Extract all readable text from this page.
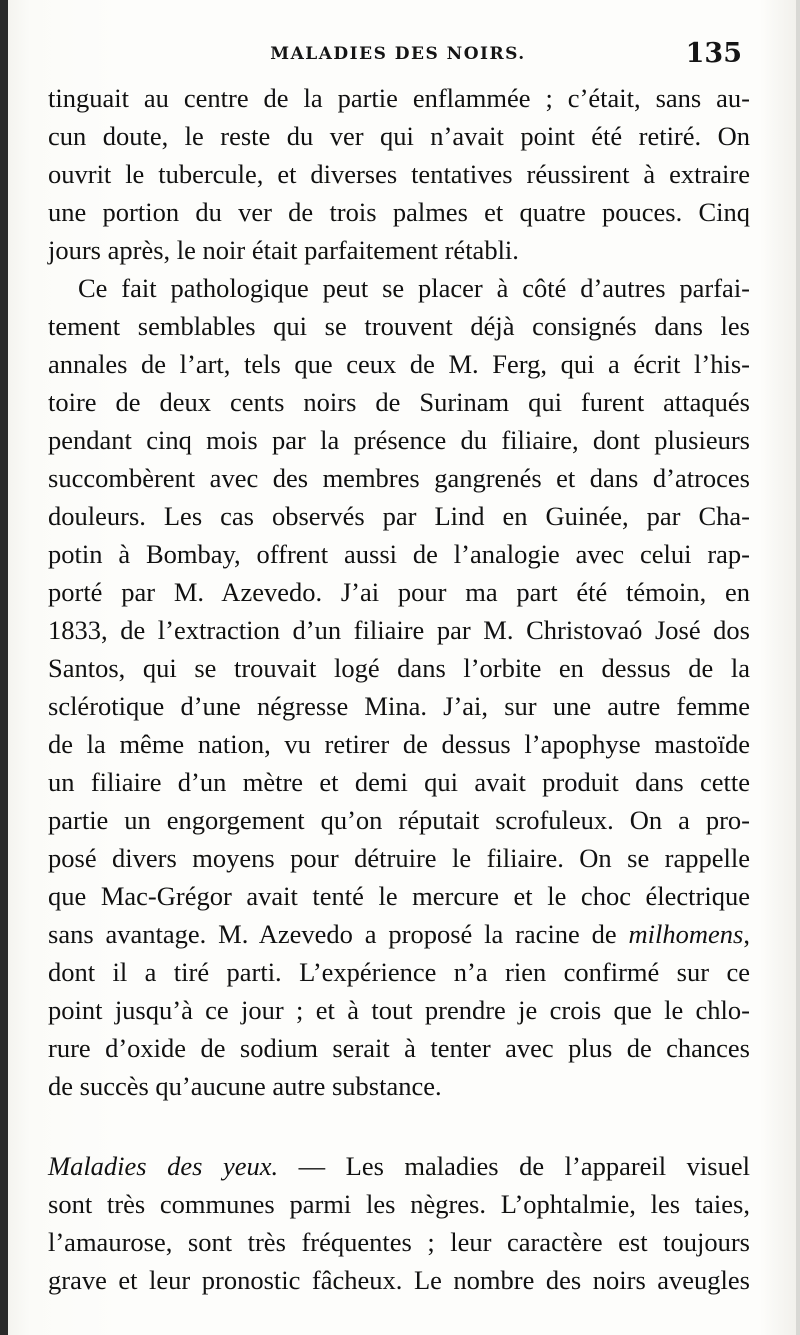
MALADIES DES NOIRS.	135
tinguait au centre de la partie enflammée ; c’était, sans au-
cun doute, le reste du ver qui n’avait point été retiré. On
ouvrit le tubercule, et diverses tentatives réussirent à extraire
une portion du ver de trois palmes et quatre pouces. Cinq
jours après, le noir était parfaitement rétabli.
Ce fait pathologique peut se placer à côté d’autres parfai-
tement semblables qui se trouvent déjà consignés dans les
annales de l’art, tels que ceux de M. Ferg, qui a écrit l’his-
toire de deux cents noirs de Surinam qui furent attaqués
pendant cinq mois par la présence du filiaire, dont plusieurs
succombèrent avec des membres gangrenés et dans d’atroces
douleurs. Les cas observés par Lind en Guinée, par Cha-
potin à Bombay, offrent aussi de l’analogie avec celui rap-
porté par M. Azevedo. J’ai pour ma part été témoin, en
1833, de l’extraction d’un filiaire par M. Christovaó José dos
Santos, qui se trouvait logé dans l’orbite en dessus de la
sclérotique d’une négresse Mina. J’ai, sur une autre femme
de la même nation, vu retirer de dessus l’apophyse mastoïde
un filiaire d’un mètre et demi qui avait produit dans cette
partie un engorgement qu’on réputait scrofuleux. On a pro-
posé divers moyens pour détruire le filiaire. On se rappelle
que Mac-Grégor avait tenté le mercure et le choc électrique
sans avantage. M. Azevedo a proposé la racine de milhomens,
dont il a tiré parti. L’expérience n’a rien confirmé sur ce
point jusqu’à ce jour ; et à tout prendre je crois que le chlo-
rure d’oxide de sodium serait à tenter avec plus de chances
de succès qu’aucune autre substance.
Maladies des yeux. — Les maladies de l’appareil visuel
sont très communes parmi les nègres. L’ophtalmie, les taies,
l’amaurose, sont très fréquentes ; leur caractère est toujours
grave et leur pronostic fâcheux. Le nombre des noirs aveugles
